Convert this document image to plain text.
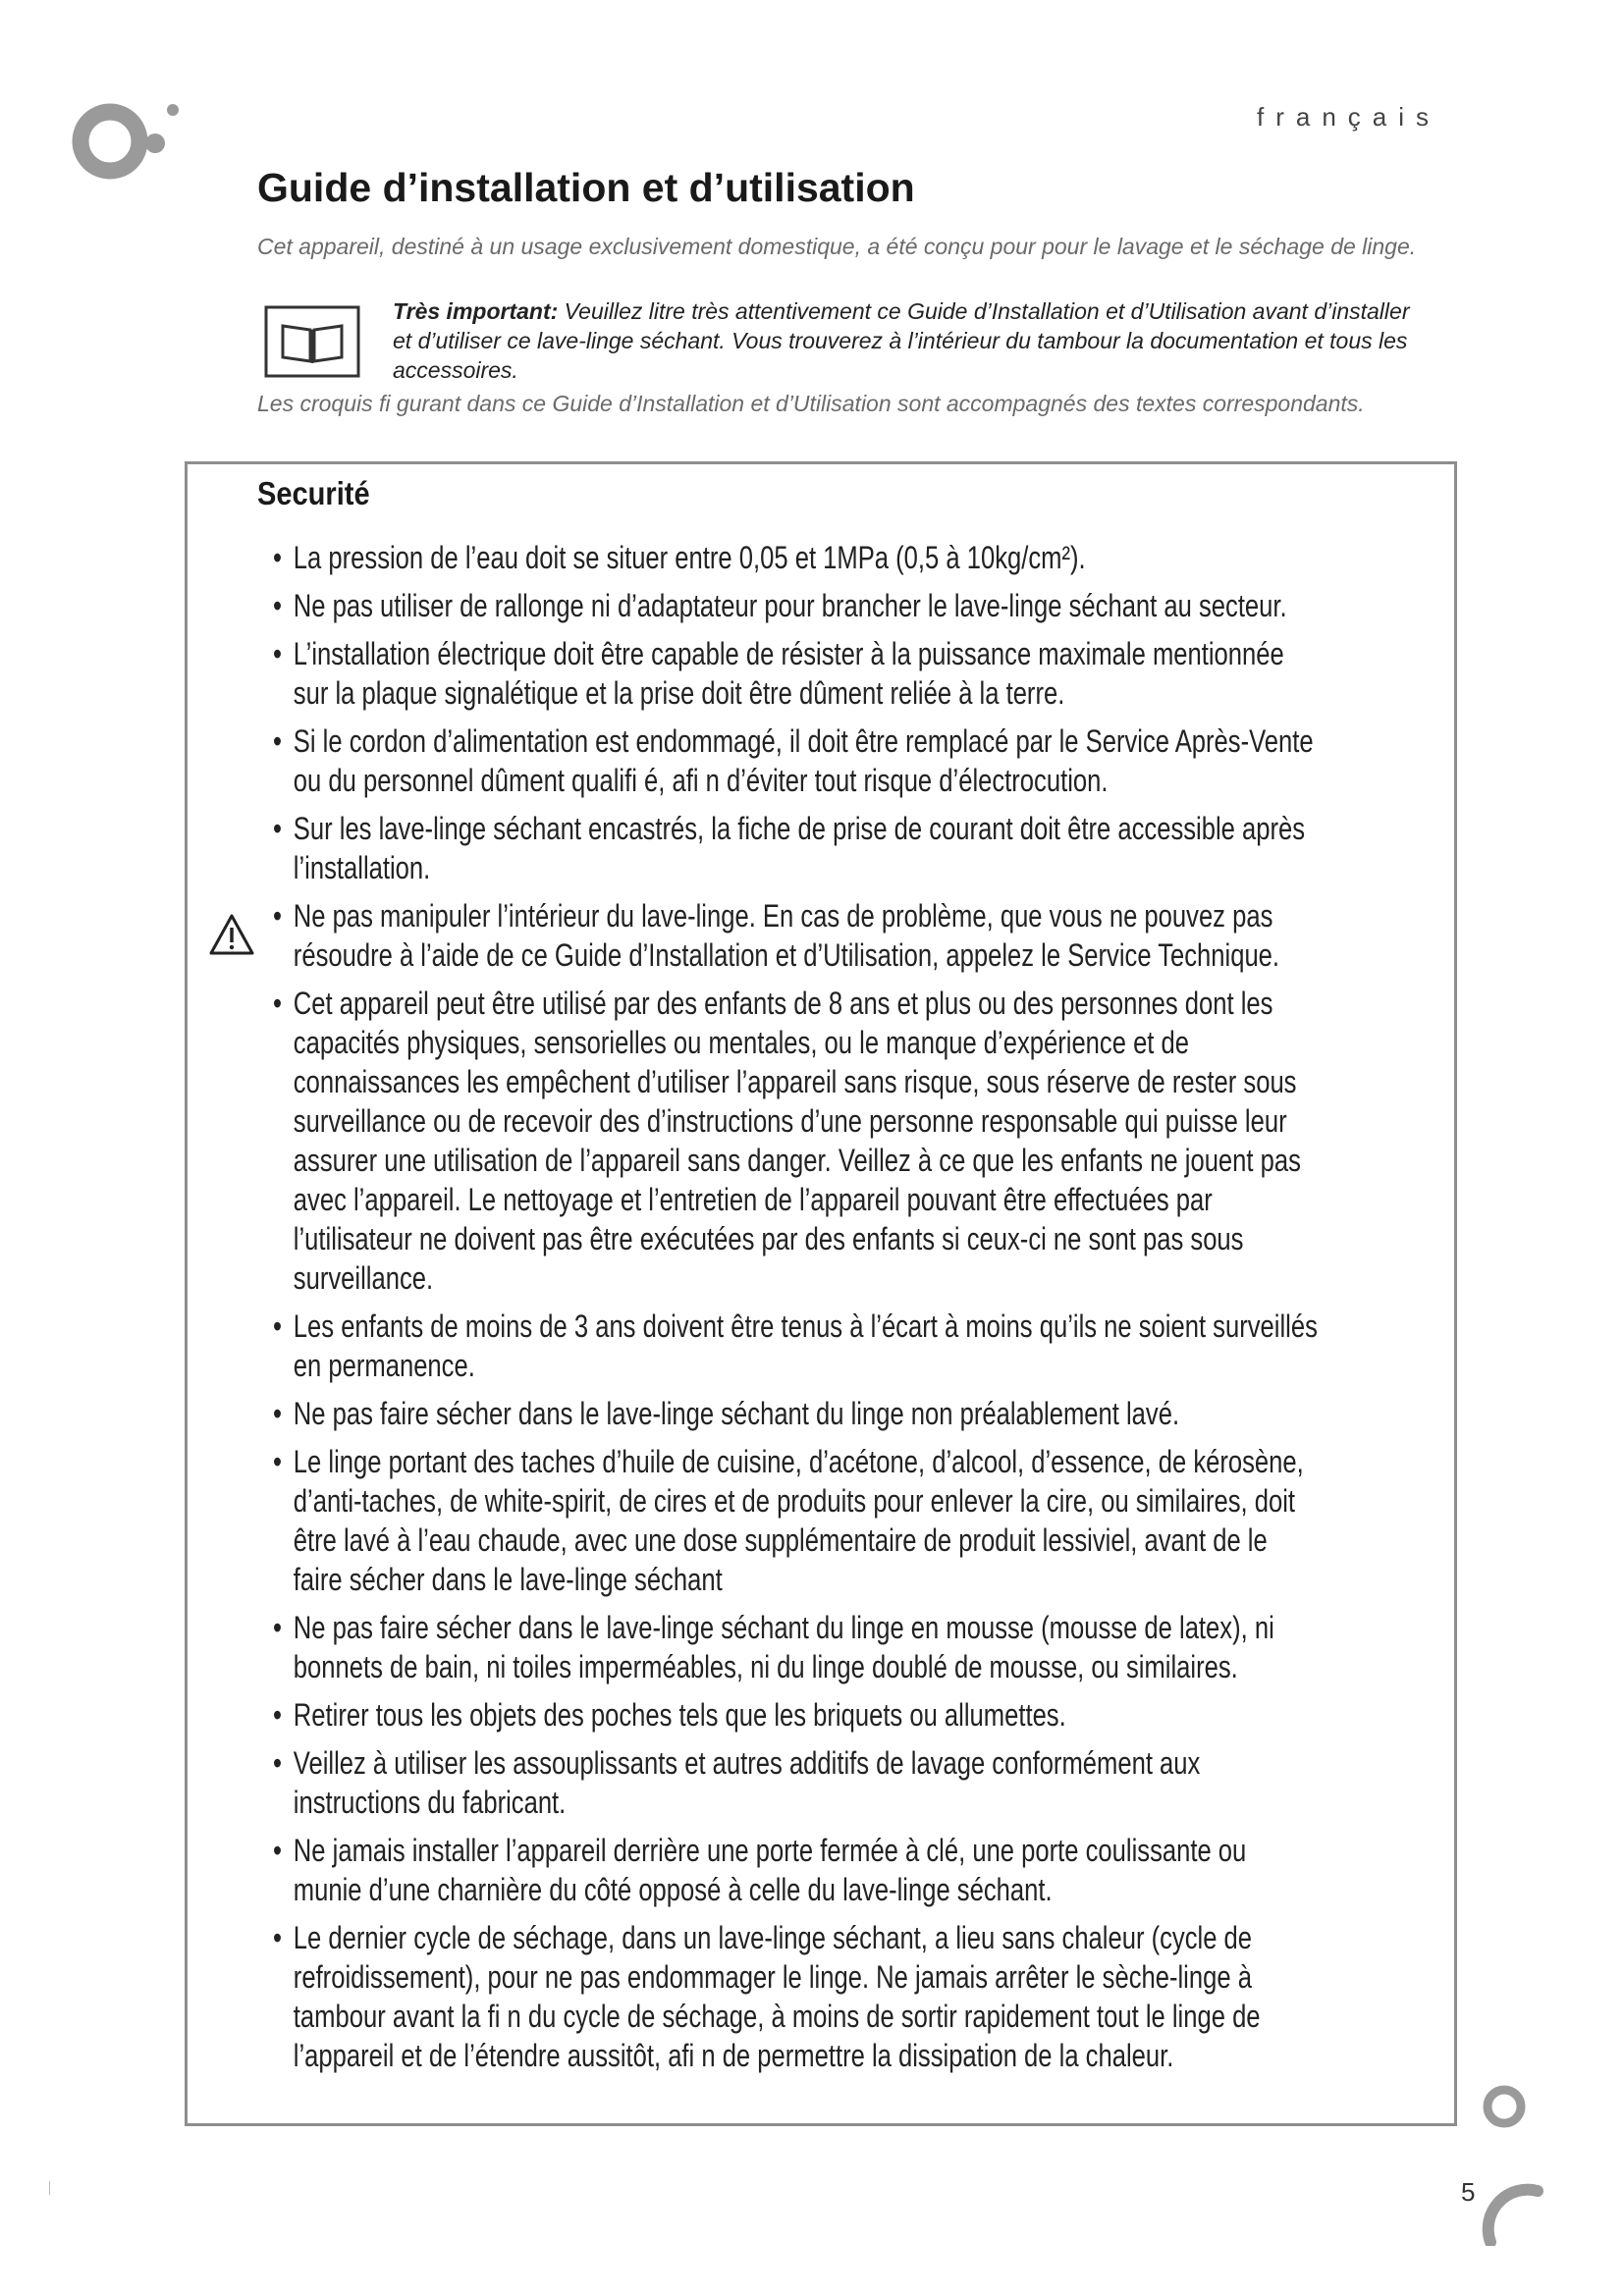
français
Guide d’installation et d’utilisation
Cet appareil, destiné à un usage exclusivement domestique, a été conçu pour pour le lavage et le séchage de linge.
Très important: Veuillez litre très attentivement ce Guide d’Installation et d’Utilisation avant d’installer et d’utiliser ce lave-linge séchant. Vous trouverez à l’intérieur du tambour la documentation et tous les accessoires.
Les croquis fi gurant dans ce Guide d’Installation et d’Utilisation sont accompagnés des textes correspondants.
Securité
• La pression de l’eau doit se situer entre 0,05 et 1MPa (0,5 à 10kg/cm²).
• Ne pas utiliser de rallonge ni d’adaptateur pour brancher le lave-linge séchant au secteur.
• L’installation électrique doit être capable de résister à la puissance maximale mentionnée sur la plaque signalétique et la prise doit être dûment reliée à la terre.
• Si le cordon d’alimentation est endommagé, il doit être remplacé par le Service Après-Vente ou du personnel dûment qualifi é, afi n d’éviter tout risque d’électrocution.
• Sur les lave-linge séchant encastrés, la fiche de prise de courant doit être accessible après l’installation.
• Ne pas manipuler l’intérieur du lave-linge. En cas de problème, que vous ne pouvez pas résoudre à l’aide de ce Guide d’Installation et d’Utilisation, appelez le Service Technique.
• Cet appareil peut être utilisé par des enfants de 8 ans et plus ou des personnes dont les capacités physiques, sensorielles ou mentales, ou le manque d’expérience et de connaissances les empêchent d’utiliser l’appareil sans risque, sous réserve de rester sous surveillance ou de recevoir des d’instructions d’une personne responsable qui puisse leur assurer une utilisation de l’appareil sans danger. Veillez à ce que les enfants ne jouent pas avec l’appareil. Le nettoyage et l’entretien de l’appareil pouvant être effectuées par l’utilisateur ne doivent pas être exécutées par des enfants si ceux-ci ne sont pas sous surveillance.
• Les enfants de moins de 3 ans doivent être tenus à l’écart à moins qu’ils ne soient surveillés en permanence.
• Ne pas faire sécher dans le lave-linge séchant du linge non préalablement lavé.
• Le linge portant des taches d’huile de cuisine, d’acétone, d’alcool, d’essence, de kérosène, d’anti-taches, de white-spirit, de cires et de produits pour enlever la cire, ou similaires, doit être lavé à l’eau chaude, avec une dose supplémentaire de produit lessiviel, avant de le faire sécher dans le lave-linge séchant
• Ne pas faire sécher dans le lave-linge séchant du linge en mousse (mousse de latex), ni bonnets de bain, ni toiles imperméables, ni du linge doublé de mousse, ou similaires.
• Retirer tous les objets des poches tels que les briquets ou allumettes.
• Veillez à utiliser les assouplissants et autres additifs de lavage conformément aux instructions du fabricant.
• Ne jamais installer l’appareil derrière une porte fermée à clé, une porte coulissante ou munie d’une charnière du côté opposé à celle du lave-linge séchant.
• Le dernier cycle de séchage, dans un lave-linge séchant, a lieu sans chaleur (cycle de refroidissement), pour ne pas endommager le linge. Ne jamais arrêter le sèche-linge à tambour avant la fi n du cycle de séchage, à moins de sortir rapidement tout le linge de l’appareil et de l’étendre aussitôt, afi n de permettre la dissipation de la chaleur.
5
